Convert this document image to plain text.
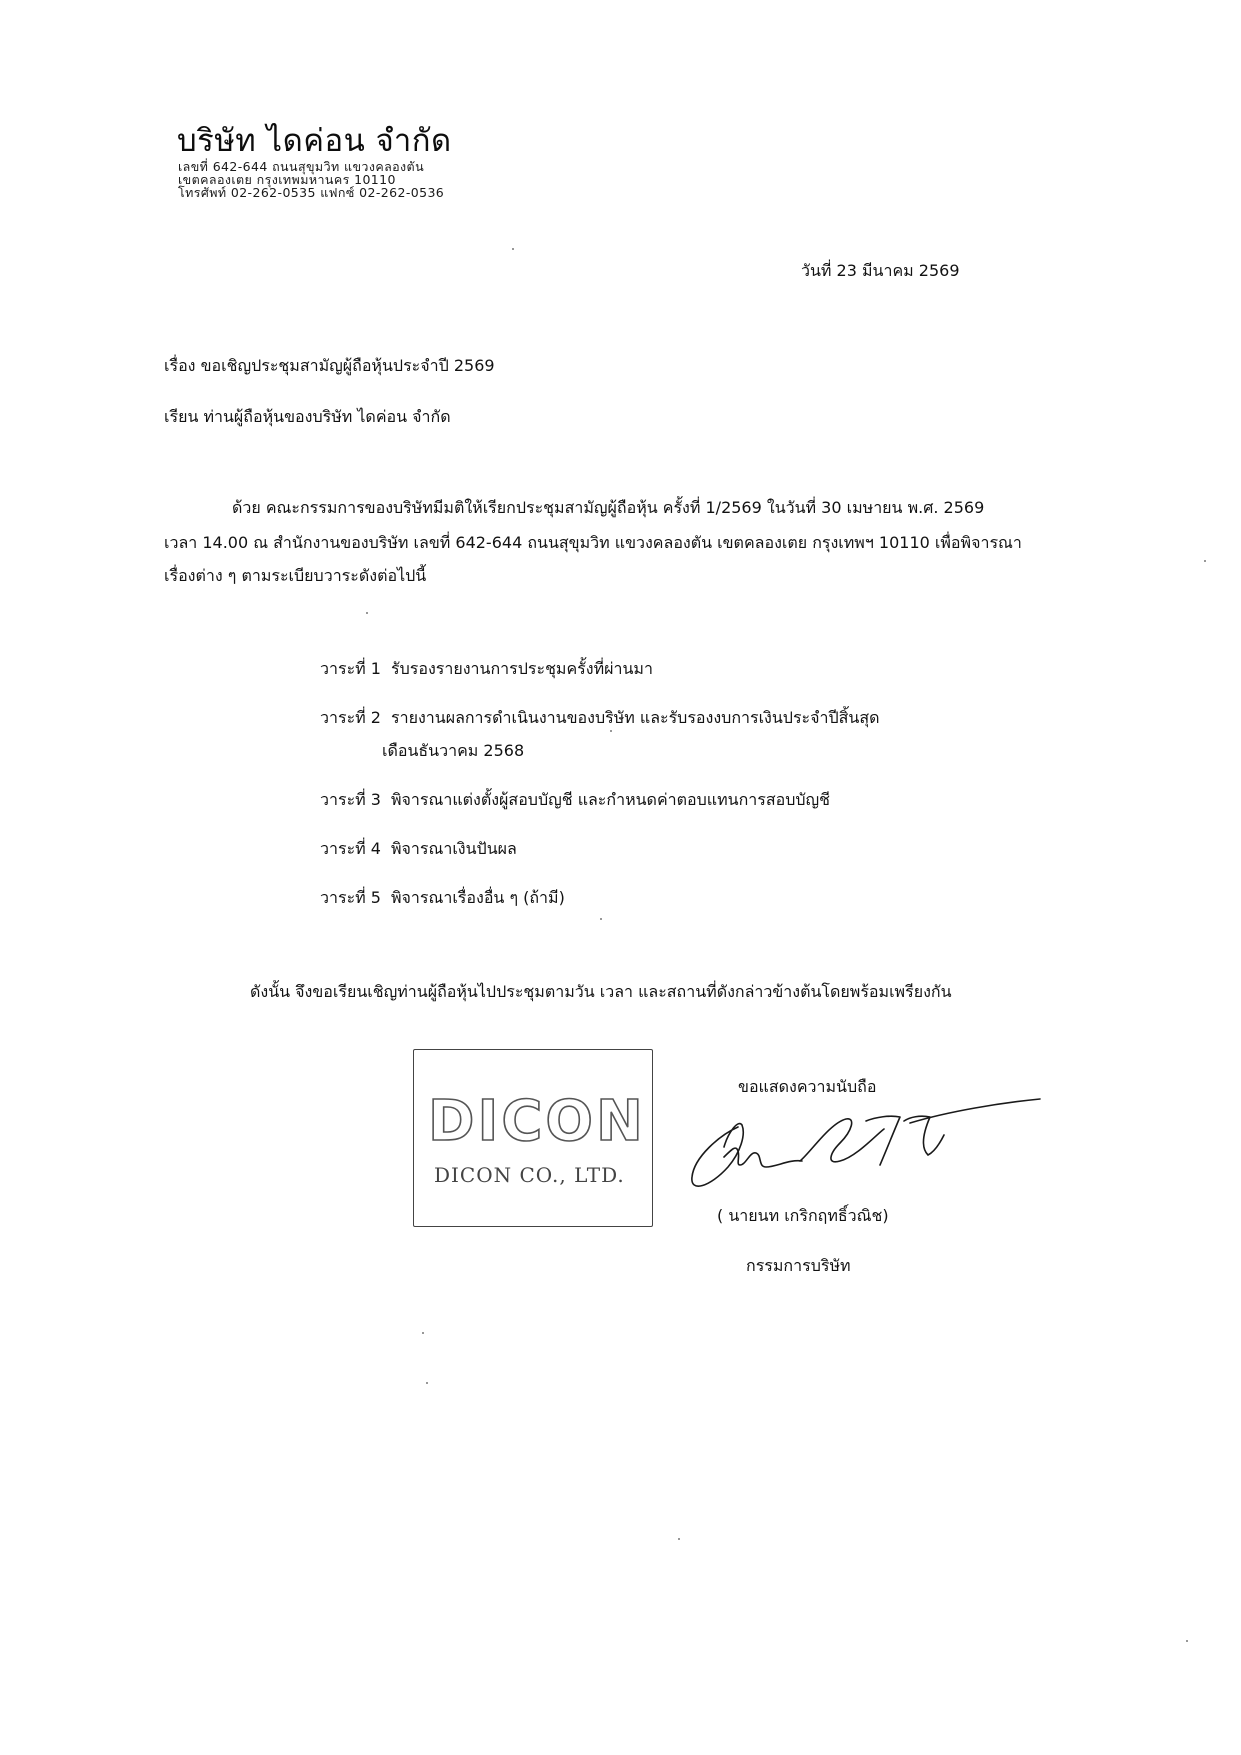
บริษัท ไดค่อน จำกัด
เลขที่ 642-644 ถนนสุขุมวิท แขวงคลองตัน
เขตคลองเตย กรุงเทพมหานคร 10110
โทรศัพท์ 02-262-0535 แฟกซ์ 02-262-0536
วันที่ 23 มีนาคม 2569
เรื่อง ขอเชิญประชุมสามัญผู้ถือหุ้นประจำปี 2569
เรียน ท่านผู้ถือหุ้นของบริษัท ไดค่อน จำกัด
ด้วย คณะกรรมการของบริษัทมีมติให้เรียกประชุมสามัญผู้ถือหุ้น ครั้งที่ 1/2569 ในวันที่ 30 เมษายน พ.ศ. 2569
เวลา 14.00 ณ สำนักงานของบริษัท เลขที่ 642-644 ถนนสุขุมวิท แขวงคลองตัน เขตคลองเตย กรุงเทพฯ 10110 เพื่อพิจารณา
เรื่องต่าง ๆ ตามระเบียบวาระดังต่อไปนี้
วาระที่ 1 รับรองรายงานการประชุมครั้งที่ผ่านมา
วาระที่ 2 รายงานผลการดำเนินงานของบริษัท และรับรองงบการเงินประจำปีสิ้นสุด
เดือนธันวาคม 2568
วาระที่ 3 พิจารณาแต่งตั้งผู้สอบบัญชี และกำหนดค่าตอบแทนการสอบบัญชี
วาระที่ 4 พิจารณาเงินปันผล
วาระที่ 5 พิจารณาเรื่องอื่น ๆ (ถ้ามี)
ดังนั้น จึงขอเรียนเชิญท่านผู้ถือหุ้นไปประชุมตามวัน เวลา และสถานที่ดังกล่าวข้างต้นโดยพร้อมเพรียงกัน
ขอแสดงความนับถือ
DICON
DICON CO., LTD.
( นายนท เกริกฤทธิ์วณิช)
กรรมการบริษัท
